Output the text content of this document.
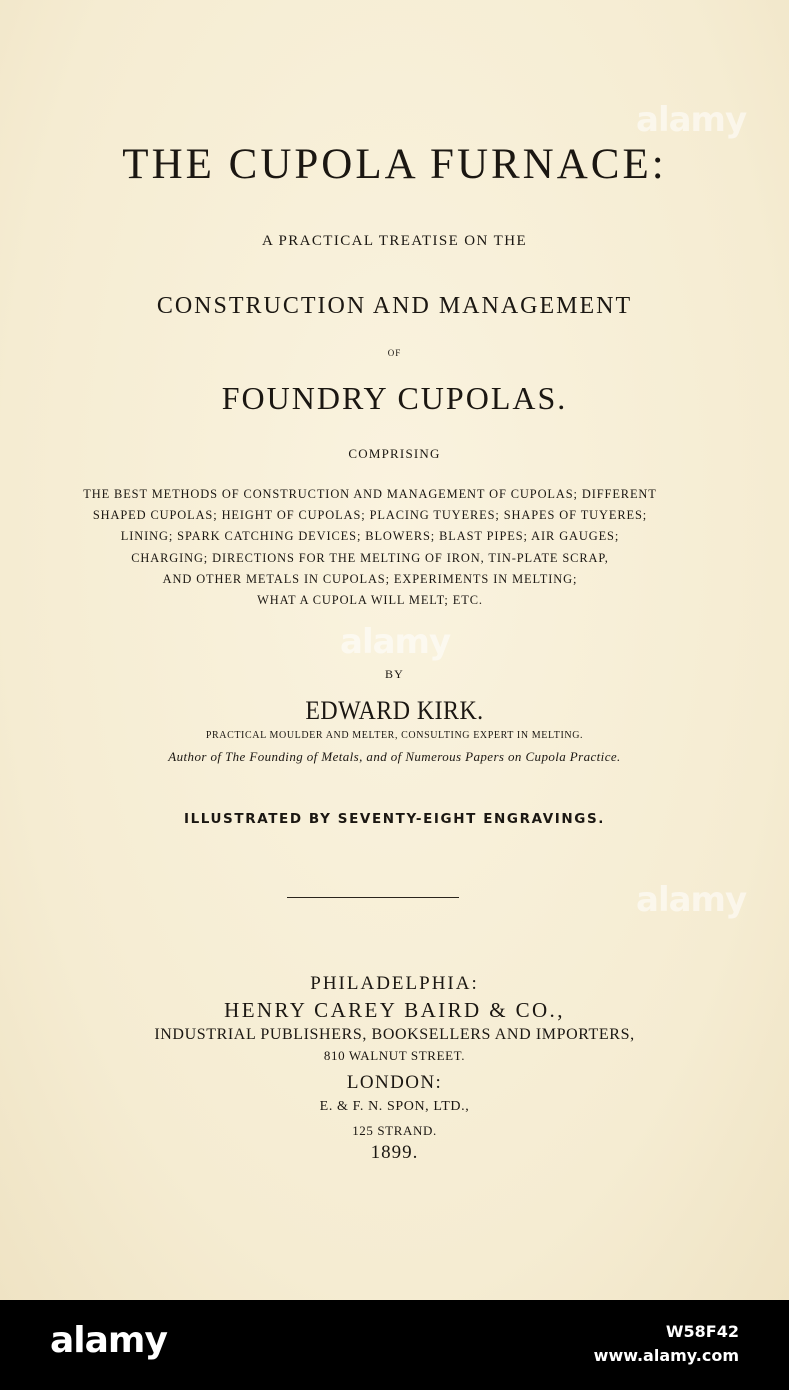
THE CUPOLA FURNACE:
A PRACTICAL TREATISE ON THE
CONSTRUCTION AND MANAGEMENT
OF
FOUNDRY CUPOLAS.
COMPRISING
THE BEST METHODS OF CONSTRUCTION AND MANAGEMENT OF CUPOLAS; DIFFERENT
SHAPED CUPOLAS; HEIGHT OF CUPOLAS; PLACING TUYERES; SHAPES OF TUYERES;
LINING; SPARK CATCHING DEVICES; BLOWERS; BLAST PIPES; AIR GAUGES;
CHARGING; DIRECTIONS FOR THE MELTING OF IRON, TIN-PLATE SCRAP,
AND OTHER METALS IN CUPOLAS; EXPERIMENTS IN MELTING;
WHAT A CUPOLA WILL MELT; ETC.
BY
EDWARD KIRK.
PRACTICAL MOULDER AND MELTER, CONSULTING EXPERT IN MELTING.
Author of The Founding of Metals, and of Numerous Papers on Cupola Practice.
ILLUSTRATED BY SEVENTY-EIGHT ENGRAVINGS.
PHILADELPHIA:
HENRY CAREY BAIRD & CO.,
INDUSTRIAL PUBLISHERS, BOOKSELLERS AND IMPORTERS,
810 WALNUT STREET.
LONDON:
E. & F. N. SPON, LTD.,
125 STRAND.
1899.
alamy
alamy
alamy
alamy	W58F42
www.alamy.com
